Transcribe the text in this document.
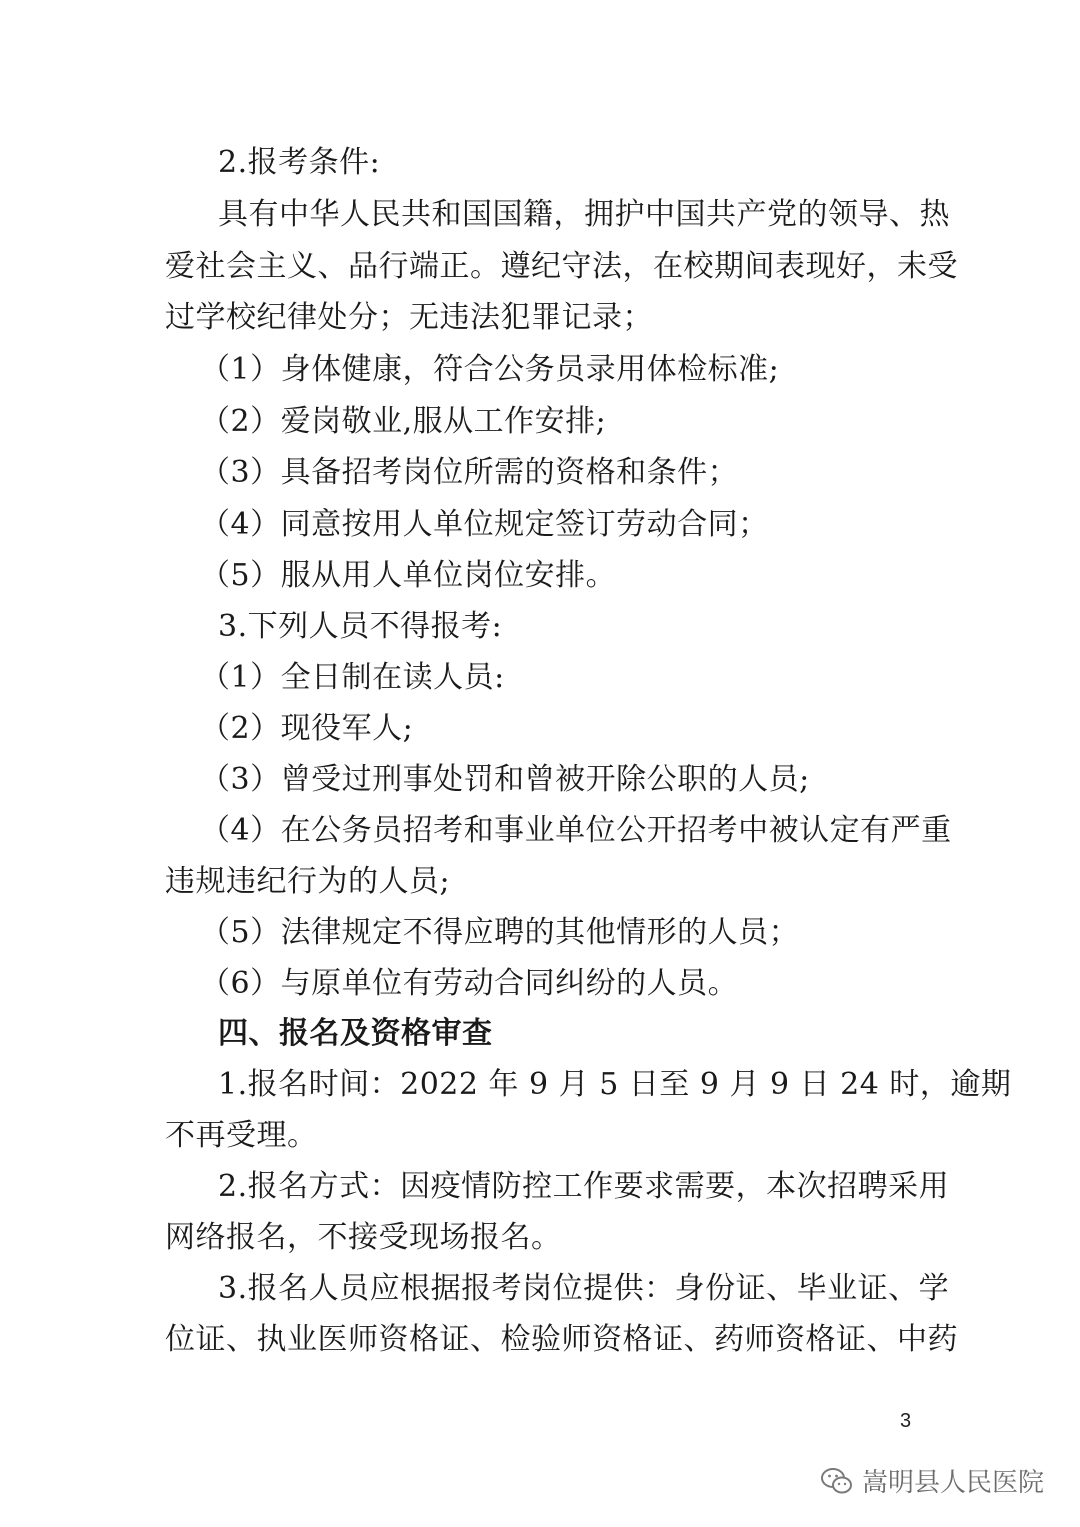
2.报考条件:
具有中华人民共和国国籍，拥护中国共产党的领导、热
爱社会主义、品行端正。遵纪守法，在校期间表现好，未受
过学校纪律处分；无违法犯罪记录；
（1）身体健康，符合公务员录用体检标准;
（2）爱岗敬业,服从工作安排;
（3）具备招考岗位所需的资格和条件；
（4）同意按用人单位规定签订劳动合同；
（5）服从用人单位岗位安排。
3.下列人员不得报考:
（1）全日制在读人员:
（2）现役军人;
（3）曾受过刑事处罚和曾被开除公职的人员;
（4）在公务员招考和事业单位公开招考中被认定有严重
违规违纪行为的人员;
（5）法律规定不得应聘的其他情形的人员；
（6）与原单位有劳动合同纠纷的人员。
四、报名及资格审查
1.报名时间：2022 年 9 月 5 日至 9 月 9 日 24 时，逾期
不再受理。
2.报名方式：因疫情防控工作要求需要，本次招聘采用
网络报名，不接受现场报名。
3.报名人员应根据报考岗位提供：身份证、毕业证、学
位证、执业医师资格证、检验师资格证、药师资格证、中药
3
嵩明县人民医院
